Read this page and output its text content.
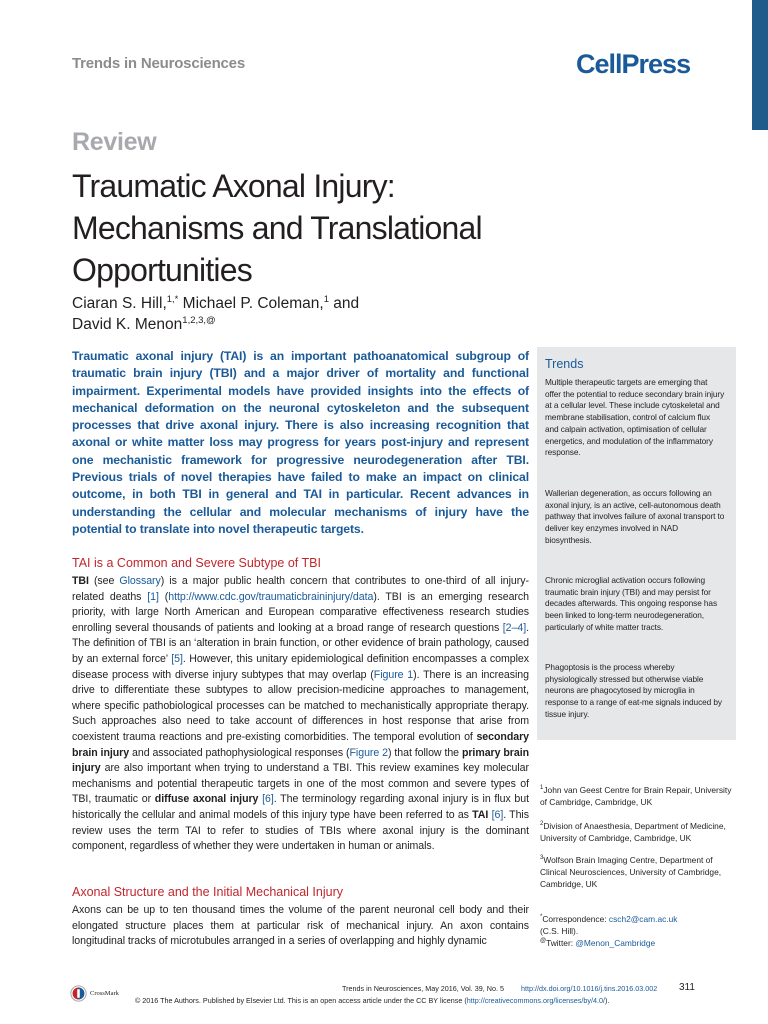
Trends in Neurosciences	CellPress
Review
Traumatic Axonal Injury:
Mechanisms and Translational
Opportunities
Ciaran S. Hill,$^{1,*}$ Michael P. Coleman,$^1$ and
David K. Menon$^{1,2,3,@}$

Traumatic axonal injury (TAI) is an important pathoanatomical subgroup of traumatic brain injury (TBI) and a major driver of mortality and functional impairment. Experimental models have provided insights into the effects of mechanical deformation on the neuronal cytoskeleton and the subsequent processes that drive axonal injury. There is also increasing recognition that axonal or white matter loss may progress for years post-injury and represent one mechanistic framework for progressive neurodegeneration after TBI. Previous trials of novel therapies have failed to make an impact on clinical outcome, in both TBI in general and TAI in particular. Recent advances in understanding the cellular and molecular mechanisms of injury have the potential to translate into novel therapeutic targets.

Trends

Multiple therapeutic targets are emerging that offer the potential to reduce secondary brain injury at a cellular level. These include cytoskeletal and membrane stabilisation, control of calcium flux and calpain activation, optimisation of cellular energetics, and modulation of the inflammatory response.

Wallerian degeneration, as occurs following an axonal injury, is an active, cell-autonomous death pathway that involves failure of axonal transport to deliver key enzymes involved in NAD biosynthesis.

Chronic microglial activation occurs following traumatic brain injury (TBI) and may persist for decades afterwards. This ongoing response has been linked to long-term neurodegeneration, particularly of white matter tracts.

Phagoptosis is the process whereby physiologically stressed but otherwise viable neurons are phagocytosed by microglia in response to a range of eat-me signals induced by tissue injury.

TAI is a Common and Severe Subtype of TBI

TBI (see Glossary) is a major public health concern that contributes to one-third of all injury-related deaths [1] (http://www.cdc.gov/traumaticbraininjury/data). TBI is an emerging research priority, with large North American and European comparative effectiveness research studies enrolling several thousands of patients and looking at a broad range of research questions [2–4]. The definition of TBI is an ‘alteration in brain function, or other evidence of brain pathology, caused by an external force’ [5]. However, this unitary epidemiological definition encompasses a complex disease process with diverse injury subtypes that may overlap (Figure 1). There is an increasing drive to differentiate these subtypes to allow precision-medicine approaches to management, where specific pathobiological processes can be matched to mechanistically appropriate therapy. Such approaches also need to take account of differences in host response that arise from coexistent trauma reactions and pre-existing comorbidities. The temporal evolution of secondary brain injury and associated pathophysiological responses (Figure 2) that follow the primary brain injury are also important when trying to understand a TBI. This review examines key molecular mechanisms and potential therapeutic targets in one of the most common and severe types of TBI, traumatic or diffuse axonal injury [6]. The terminology regarding axonal injury is in flux but historically the cellular and animal models of this injury type have been referred to as TAI [6]. This review uses the term TAI to refer to studies of TBIs where axonal injury is the dominant component, regardless of whether they were undertaken in human or animals.

Axonal Structure and the Initial Mechanical Injury

Axons can be up to ten thousand times the volume of the parent neuronal cell body and their elongated structure places them at particular risk of mechanical injury. An axon contains longitudinal tracks of microtubules arranged in a series of overlapping and highly dynamic

$^1$John van Geest Centre for Brain Repair, University of Cambridge, Cambridge, UK
$^2$Division of Anaesthesia, Department of Medicine, University of Cambridge, Cambridge, UK
$^3$Wolfson Brain Imaging Centre, Department of Clinical Neurosciences, University of Cambridge, Cambridge, UK
*Correspondence: csch2@cam.ac.uk
(C.S. Hill).
@Twitter: @Menon_Cambridge
CrossMark
Trends in Neurosciences, May 2016, Vol. 39, No. 5 http://dx.doi.org/10.1016/j.tins.2016.03.002 311
© 2016 The Authors. Published by Elsevier Ltd. This is an open access article under the CC BY license (http://creativecommons.org/licenses/by/4.0/).
